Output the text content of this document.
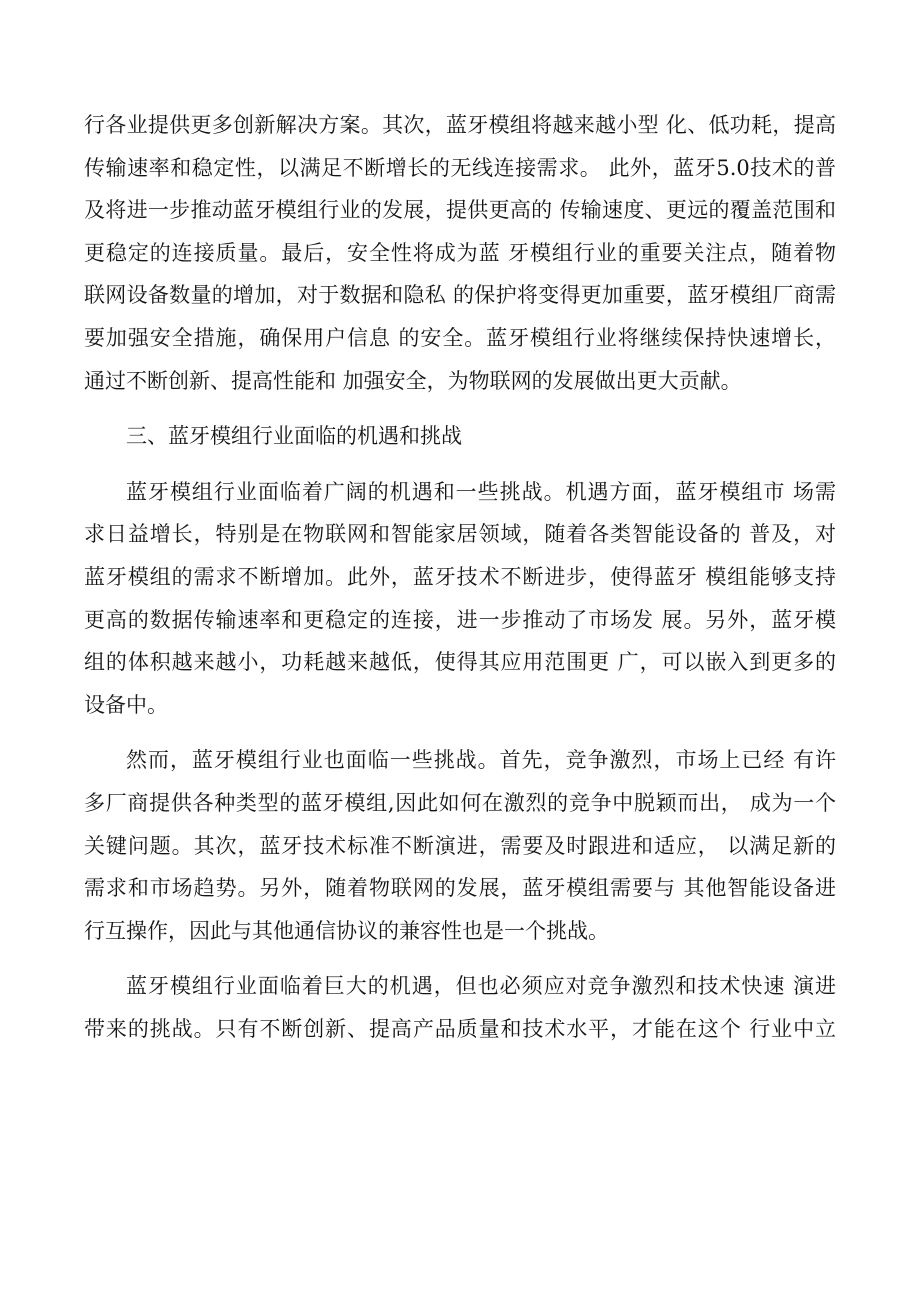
行各业提供更多创新解决方案。其次，蓝牙模组将越来越小型 化、低功耗，提高
传输速率和稳定性，以满足不断增长的无线连接需求。 此外，蓝牙5.0技术的普
及将进一步推动蓝牙模组行业的发展，提供更高的 传输速度、更远的覆盖范围和
更稳定的连接质量。最后，安全性将成为蓝 牙模组行业的重要关注点，随着物
联网设备数量的增加，对于数据和隐私 的保护将变得更加重要，蓝牙模组厂商需
要加强安全措施，确保用户信息 的安全。蓝牙模组行业将继续保持快速增长，
通过不断创新、提高性能和 加强安全，为物联网的发展做出更大贡献。
三、蓝牙模组行业面临的机遇和挑战
蓝牙模组行业面临着广阔的机遇和一些挑战。机遇方面，蓝牙模组市 场需
求日益增长，特别是在物联网和智能家居领域，随着各类智能设备的 普及，对
蓝牙模组的需求不断增加。此外，蓝牙技术不断进步，使得蓝牙 模组能够支持
更高的数据传输速率和更稳定的连接，进一步推动了市场发 展。另外，蓝牙模
组的体积越来越小，功耗越来越低，使得其应用范围更 广，可以嵌入到更多的
设备中。
然而，蓝牙模组行业也面临一些挑战。首先，竞争激烈，市场上已经 有许
多厂商提供各种类型的蓝牙模组,因此如何在激烈的竞争中脱颖而出， 成为一个
关键问题。其次，蓝牙技术标准不断演进，需要及时跟进和适应， 以满足新的
需求和市场趋势。另外，随着物联网的发展，蓝牙模组需要与 其他智能设备进
行互操作，因此与其他通信协议的兼容性也是一个挑战。
蓝牙模组行业面临着巨大的机遇，但也必须应对竞争激烈和技术快速 演进
带来的挑战。只有不断创新、提高产品质量和技术水平，才能在这个 行业中立
